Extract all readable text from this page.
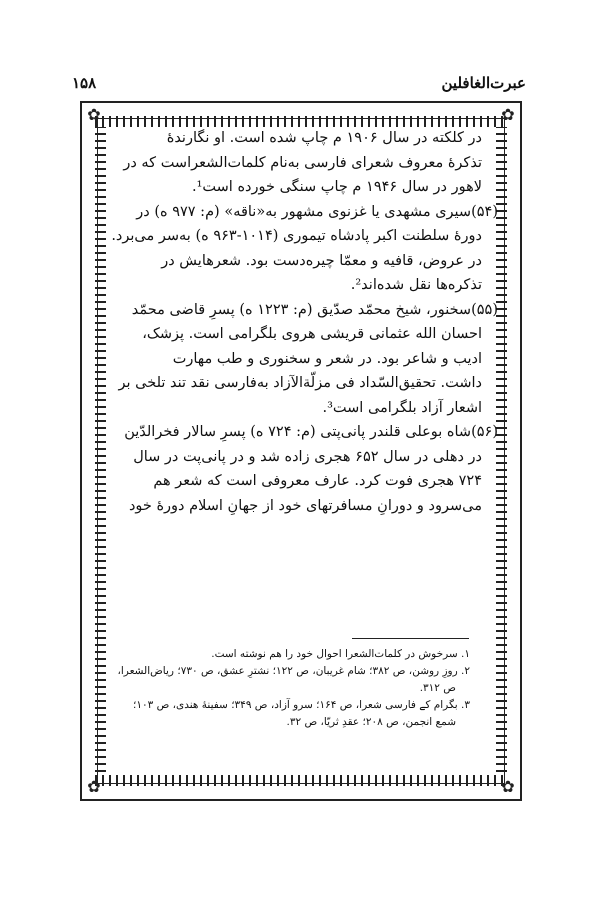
عبرت‌الغافلین
۱۵۸
✿	✿
✿	✿

در کلکته در سال ۱۹۰۶ م چاپ شده است. او نگارندهٔ

تذکرهٔ معروف شعرای فارسی به‌نام کلمات‌الشعراست که در

لاهور در سال ۱۹۴۶ م چاپ سنگی خورده است¹.

(۵۴)سیری مشهدی یا غزنوی مشهور به«ناقه» (م: ۹۷۷ ه) در

دورهٔ سلطنت اکبر پادشاه تیموری (۱۰۱۴-۹۶۳ ه) به‌سر می‌برد.

در عروض، قافیه و معمّا چیره‌دست بود. شعرهایش در

تذکره‌ها نقل شده‌اند².

(۵۵)سخنور، شیخ محمّد صدّیق (م: ۱۲۲۳ ه) پسرِ قاضی محمّد

احسان الله عثمانی قریشی هروی بلگرامی است. پزشک،

ادیب و شاعر بود. در شعر و سخنوری و طب مهارت

داشت. تحقیق‌السّداد فی مزلّة‌الآزاد به‌فارسی نقد تند تلخی بر

اشعار آزاد بلگرامی است³.

(۵۶)شاه بوعلی قلندر پانی‌پتی (م: ۷۲۴ ه) پسرِ سالار فخرالدّین

در دهلی در سال ۶۵۲ هجری زاده شد و در پانی‌پت در سال

۷۲۴ هجری فوت کرد. عارف معروفی است که شعر هم

می‌سرود و دورانِ مسافرتهای خود از جهانِ اسلام دورهٔ خود

۱. سرخوش در کلمات‌الشعرا احوال خود را هم نوشته است.
۲. روزِ روشن، ص ۳۸۲؛ شام غریبان، ص ۱۲۲؛ نشترِ عشق، ص ۷۳۰؛ ریاض‌الشعرا،
ص ۳۱۲.
۳. بگرام کے فارسی شعرا، ص ۱۶۴؛ سرو آزاد، ص ۳۴۹؛ سفینهٔ هندی، ص ۱۰۳؛
شمع انجمن، ص ۲۰۸؛ عقدِ ثریّا، ص ۳۲.
